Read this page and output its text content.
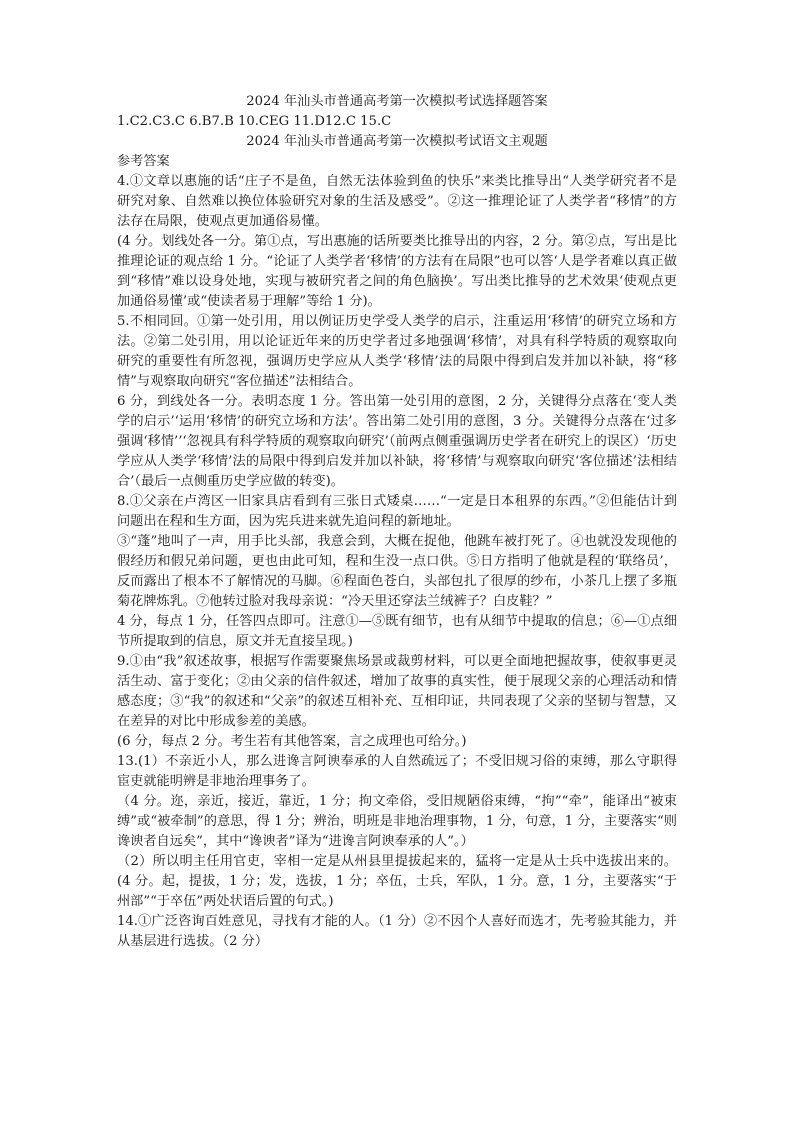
2024 年汕头市普通高考第一次模拟考试选择题答案

1.C2.C3.C 6.B7.B 10.CEG 11.D12.C 15.C

2024 年汕头市普通高考第一次模拟考试语文主观题

参考答案

4.①文章以惠施的话“庄子不是鱼，自然无法体验到鱼的快乐”来类比推导出“人类学研究者不是研究对象、自然难以换位体验研究对象的生活及感受”。②这一推理论证了人类学者“移情”的方法存在局限，使观点更加通俗易懂。

(4 分。划线处各一分。第①点，写出惠施的话所要类比推导出的内容，2 分。第②点，写出是比推理论证的观点给 1 分。“论证了人类学者‘移情’的方法有在局限”也可以答‘人是学者难以真正做到“移情”难以设身处地，实现与被研究者之间的角色脑换’。写出类比推导的艺术效果‘使观点更加通俗易懂’或“使读者易于理解”等给 1 分)。

5.不相同回。①第一处引用，用以例证历史学受人类学的启示，注重运用‘移情’的研究立场和方法。②第二处引用，用以论证近年来的历史学者过多地强调‘移情’，对具有科学特质的观察取向研究的重要性有所忽视，强调历史学应从人类学‘移情’法的局限中得到启发并加以补缺，将“移情”与观察取向研究“客位描述”法相结合。

6 分，到线处各一分。表明态度 1 分。答出第一处引用的意图，2 分，关键得分点落在‘变人类学的启示’‘运用‘移情’的研究立场和方法’。答出第二处引用的意图，3 分。关键得分点落在‘过多强调‘移情’’‘忽视具有科学特质的观察取向研究’（前两点侧重强调历史学者在研究上的误区）‘历史学应从人类学‘移情’法的局限中得到启发并加以补缺，将‘移情’与观察取向研究‘客位描述’法相结合’（最后一点侧重历史学应做的转变)。

8.①父亲在卢湾区一旧家具店看到有三张日式矮桌……“一定是日本租界的东西。”②但能估计到问题出在程和生方面，因为宪兵进来就先追问程的新地址。

③“蓬”地叫了一声，用手比头部，我意会到，大概在捉他，他跳车被打死了。④也就没发现他的假经历和假兄弟问题，更也由此可知，程和生没一点口供。⑤日方指明了他就是程的‘联络员’，反而露出了根本不了解情况的马脚。⑥程面色苍白，头部包扎了很厚的纱布，小茶几上摆了多瓶菊花牌炼乳。⑦他转过脸对我母亲说：“冷天里还穿法兰绒裤子？白皮鞋？”

4 分，每点 1 分，任答四点即可。注意①—⑤既有细节，也有从细节中提取的信息；⑥—①点细节所提取到的信息，原文并无直接呈现。)

9.①由“我”叙述故事，根据写作需要聚焦场景或裁剪材料，可以更全面地把握故事，使叙事更灵活生动、富于变化；②由父亲的信件叙述，增加了故事的真实性，便于展现父亲的心理活动和情感态度；③“我”的叙述和“父亲”的叙述互相补充、互相印证，共同表现了父亲的坚韧与智慧，又在差异的对比中形成参差的美感。

(6 分，每点 2 分。考生若有其他答案，言之成理也可给分。)

13.(1）不亲近小人，那么进谗言阿谀奉承的人自然疏远了；不受旧规习俗的束缚，那么守职得宦吏就能明辨是非地治理事务了。

（4 分。迩，亲近，接近，靠近，1 分；拘文牵俗，受旧规陋俗束缚，“拘”“牵”，能译出“被束缚”或“被牵制”的意思，得 1 分；辨治，明班是非地治理事物，1 分，句意，1 分，主要落实“则谗谀者自远矣”，其中“谗谀者”译为“进谗言阿谀奉承的人”。）

（2）所以明主任用官吏，宰相一定是从州县里提拔起来的，猛将一定是从士兵中选拔出来的。(4 分。起，提拔，1 分；发，选拔，1 分；卒伍，士兵，军队，1 分。意，1 分，主要落实“于州部”“于卒伍”两处状语后置的句式。)

14.①广泛咨询百姓意见，寻找有才能的人。（1 分）②不因个人喜好而选才，先考验其能力，并从基层进行选拔。（2 分）
